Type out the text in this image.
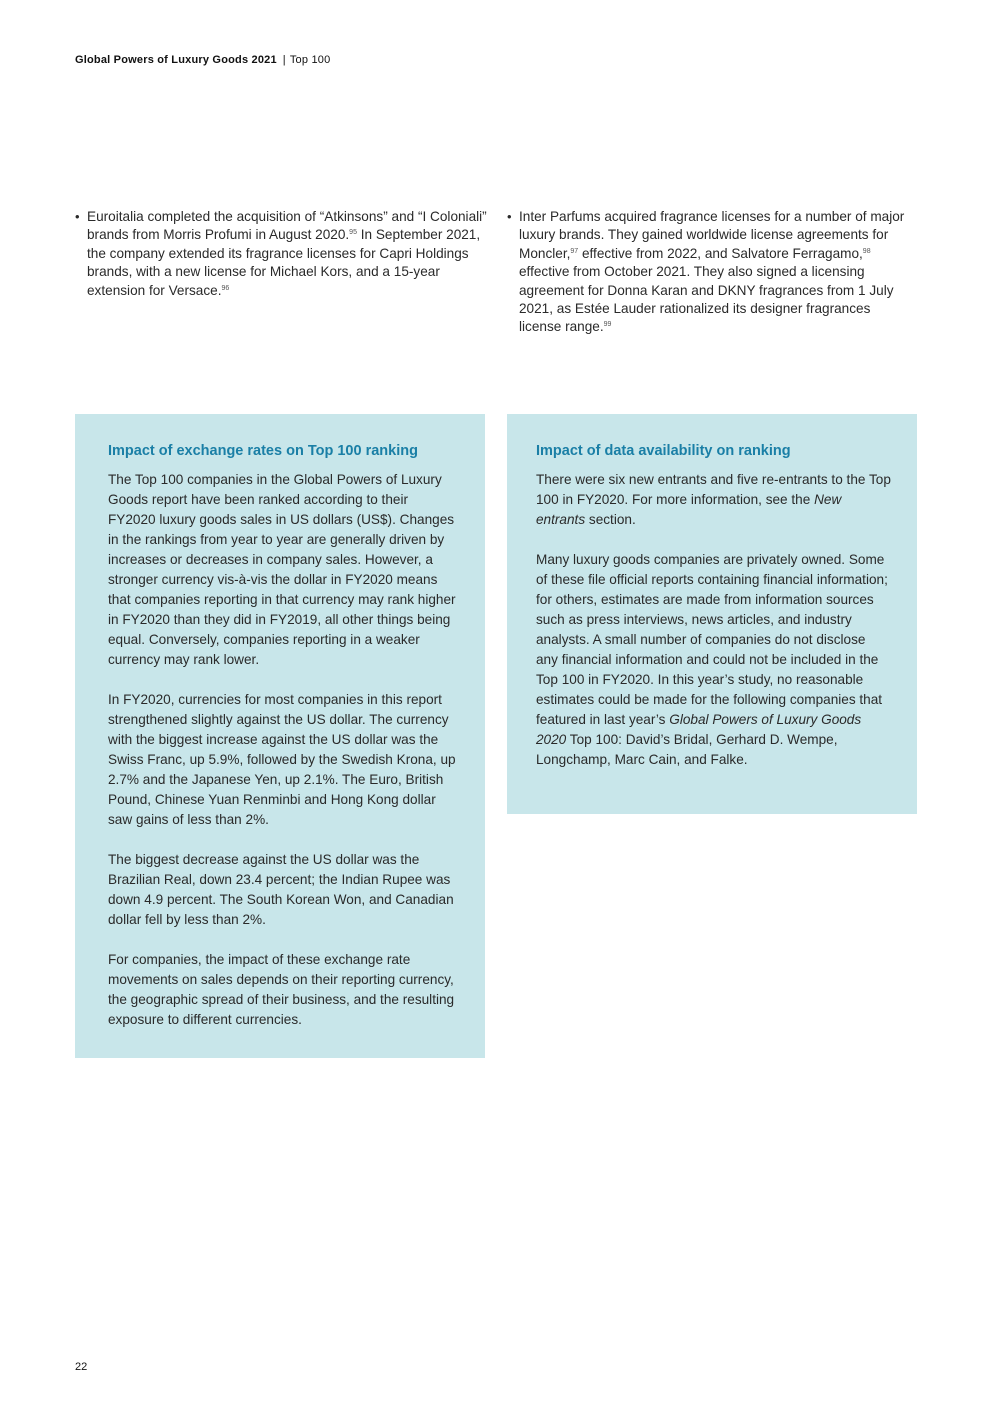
Global Powers of Luxury Goods 2021 | Top 100
• Euroitalia completed the acquisition of “Atkinsons” and “I Coloniali” brands from Morris Profumi in August 2020.95 In September 2021, the company extended its fragrance licenses for Capri Holdings brands, with a new license for Michael Kors, and a 15-year extension for Versace.$^{96}$
• Inter Parfums acquired fragrance licenses for a number of major luxury brands. They gained worldwide license agreements for Moncler,$^{97}$ effective from 2022, and Salvatore Ferragamo,$^{98}$ effective from October 2021. They also signed a licensing agreement for Donna Karan and DKNY fragrances from 1 July 2021, as Estée Lauder rationalized its designer fragrances license range.$^{99}$
Impact of exchange rates on Top 100 ranking

The Top 100 companies in the Global Powers of Luxury Goods report have been ranked according to their FY2020 luxury goods sales in US dollars (US$). Changes in the rankings from year to year are generally driven by increases or decreases in company sales. However, a stronger currency vis-à-vis the dollar in FY2020 means that companies reporting in that currency may rank higher in FY2020 than they did in FY2019, all other things being equal. Conversely, companies reporting in a weaker currency may rank lower.

In FY2020, currencies for most companies in this report strengthened slightly against the US dollar. The currency with the biggest increase against the US dollar was the Swiss Franc, up 5.9%, followed by the Swedish Krona, up 2.7% and the Japanese Yen, up 2.1%. The Euro, British Pound, Chinese Yuan Renminbi and Hong Kong dollar saw gains of less than 2%.

The biggest decrease against the US dollar was the Brazilian Real, down 23.4 percent; the Indian Rupee was down 4.9 percent. The South Korean Won, and Canadian dollar fell by less than 2%.

For companies, the impact of these exchange rate movements on sales depends on their reporting currency, the geographic spread of their business, and the resulting exposure to different currencies.

Impact of data availability on ranking

There were six new entrants and five re-entrants to the Top 100 in FY2020. For more information, see the New entrants section.

Many luxury goods companies are privately owned. Some of these file official reports containing financial information; for others, estimates are made from information sources such as press interviews, news articles, and industry analysts. A small number of companies do not disclose any financial information and could not be included in the Top 100 in FY2020. In this year’s study, no reasonable estimates could be made for the following companies that featured in last year’s Global Powers of Luxury Goods 2020 Top 100: David’s Bridal, Gerhard D. Wempe, Longchamp, Marc Cain, and Falke.

22
